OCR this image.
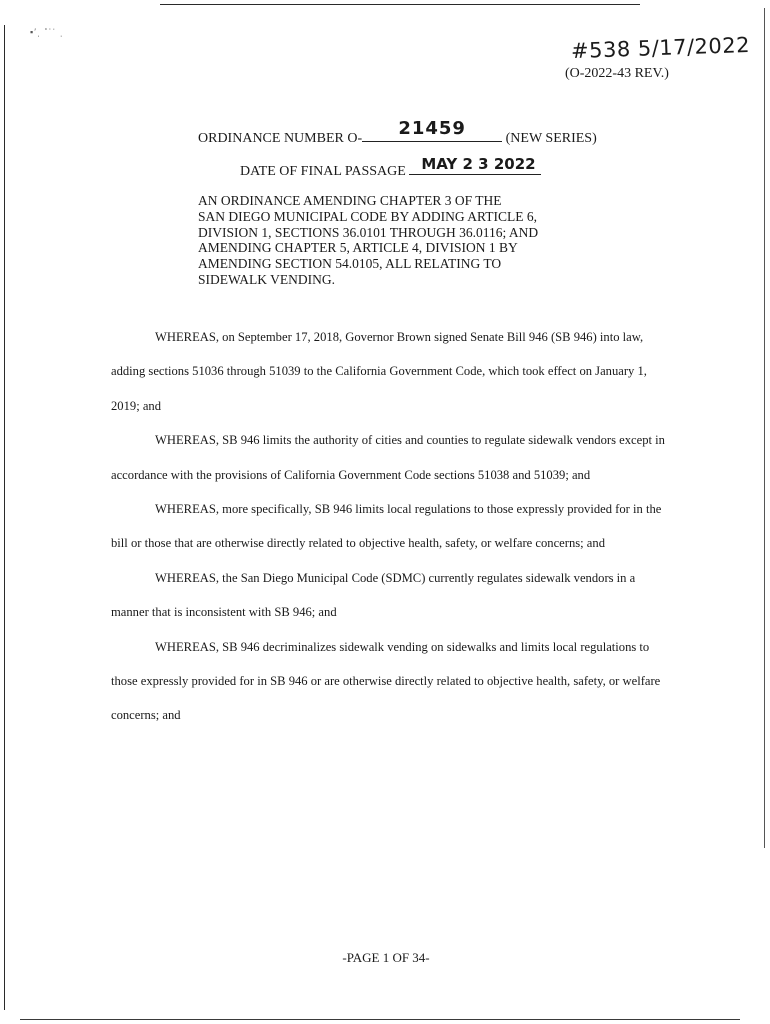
▪′ˌ ˚˙ˈ ˌ
#538 5/17/2022
(O-2022-43 REV.)
ORDINANCE NUMBER O-	21459	(NEW SERIES)
DATE OF FINAL PASSAGE MAY 2 3 2022
AN ORDINANCE AMENDING CHAPTER 3 OF THE
SAN DIEGO MUNICIPAL CODE BY ADDING ARTICLE 6,
DIVISION 1, SECTIONS 36.0101 THROUGH 36.0116; AND
AMENDING CHAPTER 5, ARTICLE 4, DIVISION 1 BY
AMENDING SECTION 54.0105, ALL RELATING TO
SIDEWALK VENDING.

WHEREAS, on September 17, 2018, Governor Brown signed Senate Bill 946 (SB 946) into law, adding sections 51036 through 51039 to the California Government Code, which took effect on January 1, 2019; and

WHEREAS, SB 946 limits the authority of cities and counties to regulate sidewalk vendors except in accordance with the provisions of California Government Code sections 51038 and 51039; and

WHEREAS, more specifically, SB 946 limits local regulations to those expressly provided for in the bill or those that are otherwise directly related to objective health, safety, or welfare concerns; and

WHEREAS, the San Diego Municipal Code (SDMC) currently regulates sidewalk vendors in a manner that is inconsistent with SB 946; and

WHEREAS, SB 946 decriminalizes sidewalk vending on sidewalks and limits local regulations to those expressly provided for in SB 946 or are otherwise directly related to objective health, safety, or welfare concerns; and

-PAGE 1 OF 34-
